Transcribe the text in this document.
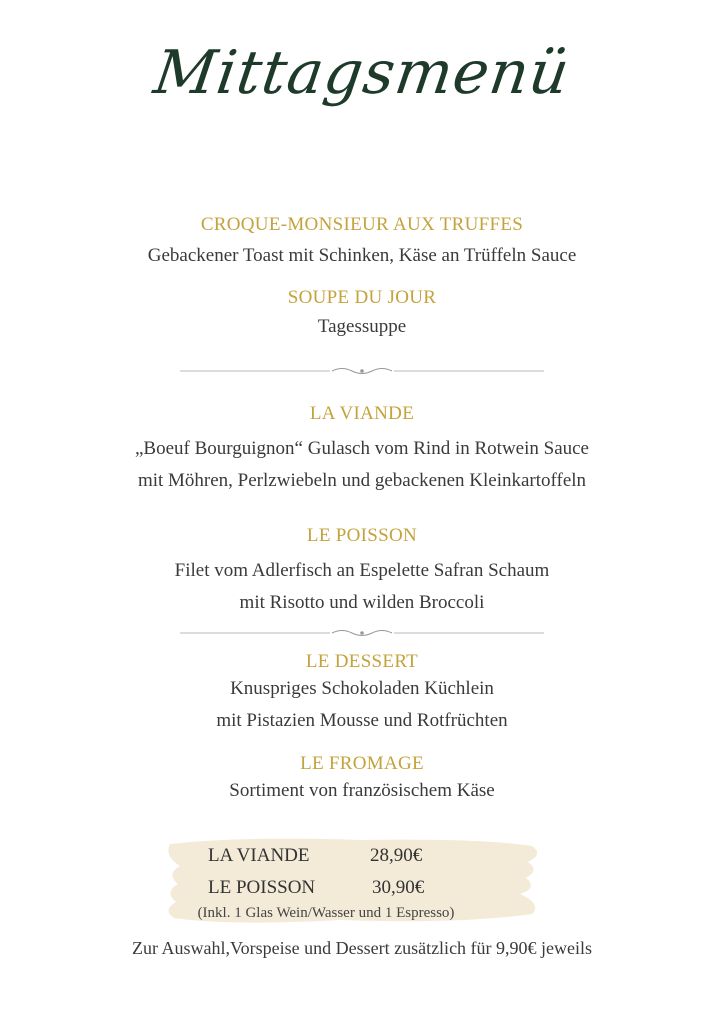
Mittagsmenü
CROQUE-MONSIEUR AUX TRUFFES
Gebackener Toast mit Schinken, Käse an Trüffeln Sauce
SOUPE DU JOUR
Tagessuppe
LA VIANDE
„Boeuf Bourguignon“ Gulasch vom Rind in Rotwein Sauce
mit Möhren, Perlzwiebeln und gebackenen Kleinkartoffeln
LE POISSON
Filet vom Adlerfisch an Espelette Safran Schaum
mit Risotto und wilden Broccoli
LE DESSERT
Knuspriges Schokoladen Küchlein
mit Pistazien Mousse und Rotfrüchten
LE FROMAGE
Sortiment von französischem Käse
LA VIANDE	28,90€
LE POISSON	30,90€
(Inkl. 1 Glas Wein/Wasser und 1 Espresso)
Zur Auswahl,Vorspeise und Dessert zusätzlich für 9,90€ jeweils
